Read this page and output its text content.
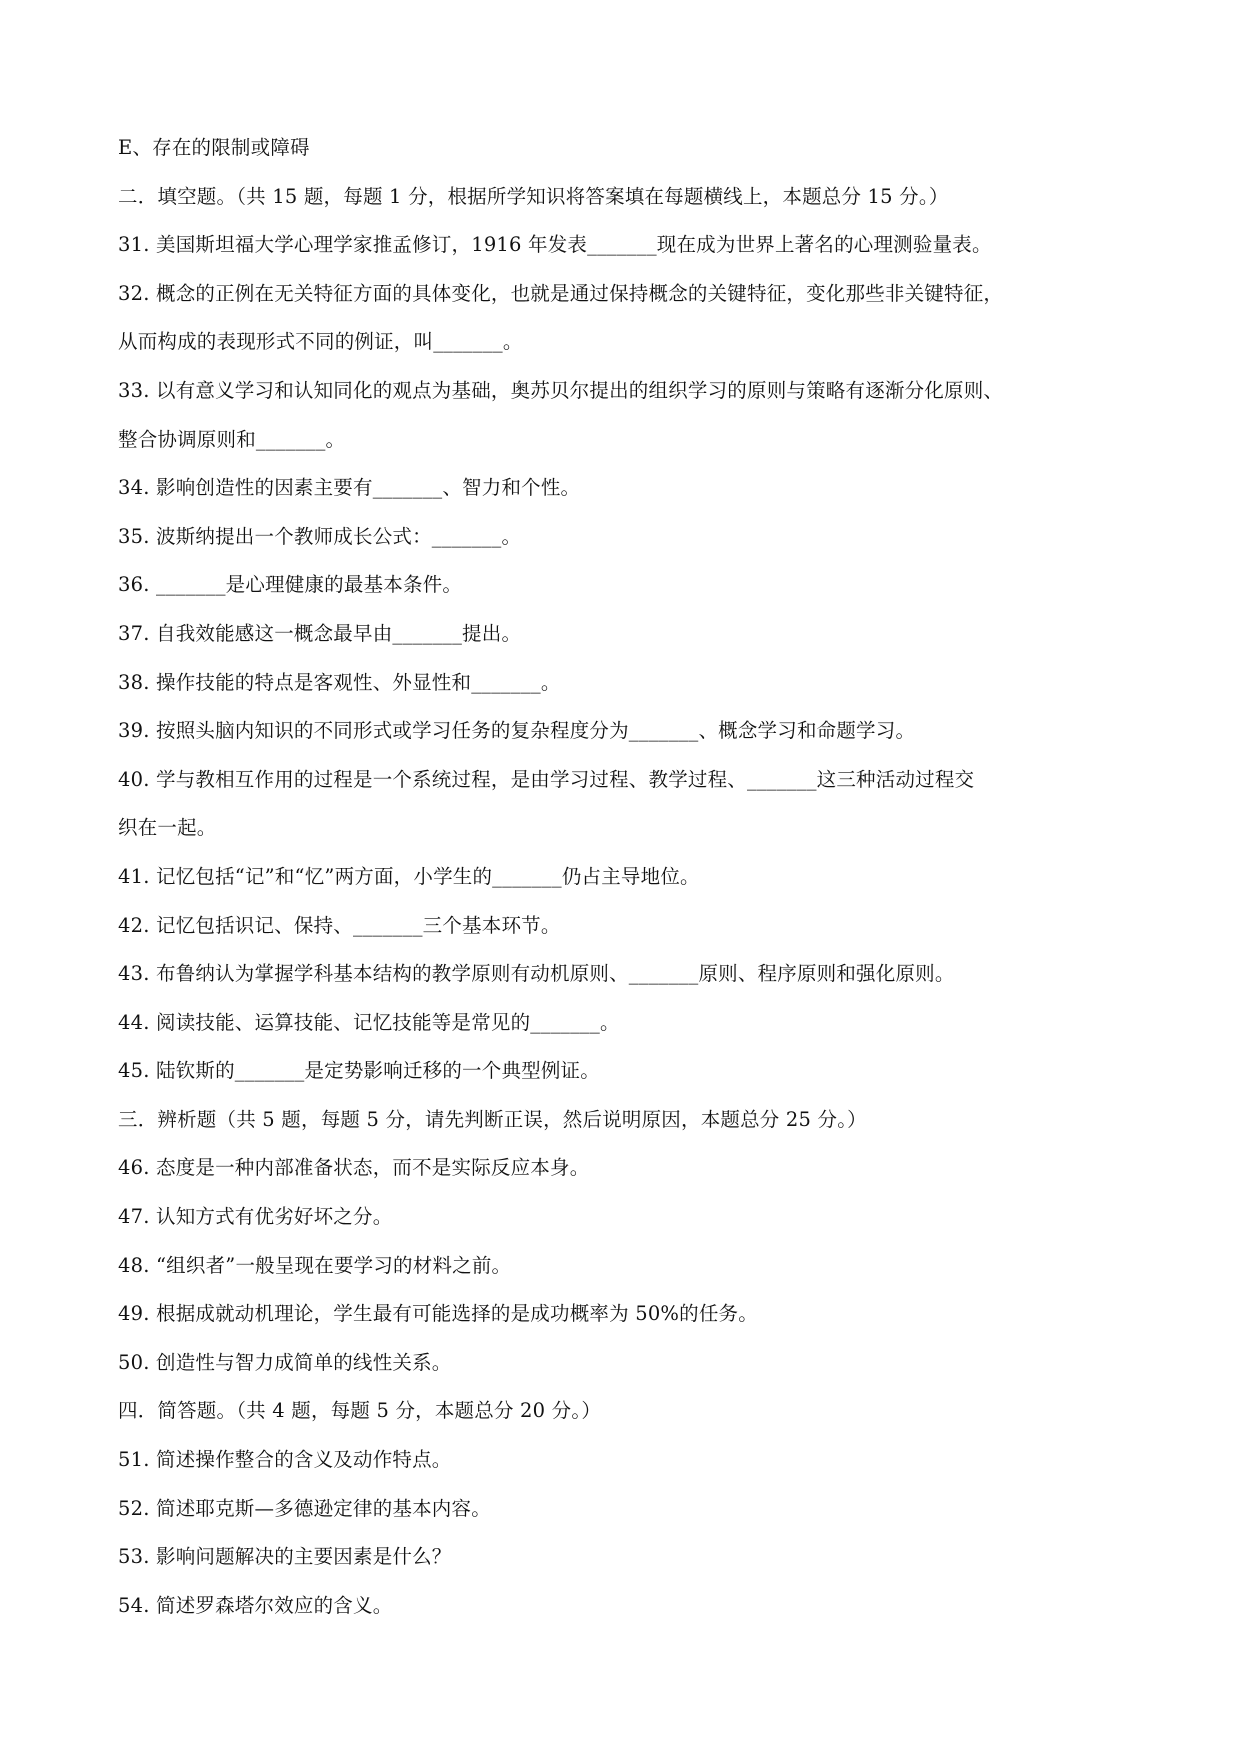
E、存在的限制或障碍
二．填空题。（共 15 题，每题 1 分，根据所学知识将答案填在每题横线上，本题总分 15 分。）
31. 美国斯坦福大学心理学家推孟修订，1916 年发表_______现在成为世界上著名的心理测验量表。
32. 概念的正例在无关特征方面的具体变化，也就是通过保持概念的关键特征，变化那些非关键特征，
从而构成的表现形式不同的例证，叫_______。
33. 以有意义学习和认知同化的观点为基础，奥苏贝尔提出的组织学习的原则与策略有逐渐分化原则、
整合协调原则和_______。
34. 影响创造性的因素主要有_______、智力和个性。
35. 波斯纳提出一个教师成长公式：_______。
36. _______是心理健康的最基本条件。
37. 自我效能感这一概念最早由_______提出。
38. 操作技能的特点是客观性、外显性和_______。
39. 按照头脑内知识的不同形式或学习任务的复杂程度分为_______、概念学习和命题学习。
40. 学与教相互作用的过程是一个系统过程，是由学习过程、教学过程、_______这三种活动过程交
织在一起。
41. 记忆包括“记”和“忆”两方面，小学生的_______仍占主导地位。
42. 记忆包括识记、保持、_______三个基本环节。
43. 布鲁纳认为掌握学科基本结构的教学原则有动机原则、_______原则、程序原则和强化原则。
44. 阅读技能、运算技能、记忆技能等是常见的_______。
45. 陆钦斯的_______是定势影响迁移的一个典型例证。
三．辨析题（共 5 题，每题 5 分，请先判断正误，然后说明原因，本题总分 25 分。）
46. 态度是一种内部准备状态，而不是实际反应本身。
47. 认知方式有优劣好坏之分。
48. “组织者”一般呈现在要学习的材料之前。
49. 根据成就动机理论，学生最有可能选择的是成功概率为 50%的任务。
50. 创造性与智力成简单的线性关系。
四．简答题。（共 4 题，每题 5 分，本题总分 20 分。）
51. 简述操作整合的含义及动作特点。
52. 简述耶克斯—多德逊定律的基本内容。
53. 影响问题解决的主要因素是什么？
54. 简述罗森塔尔效应的含义。
